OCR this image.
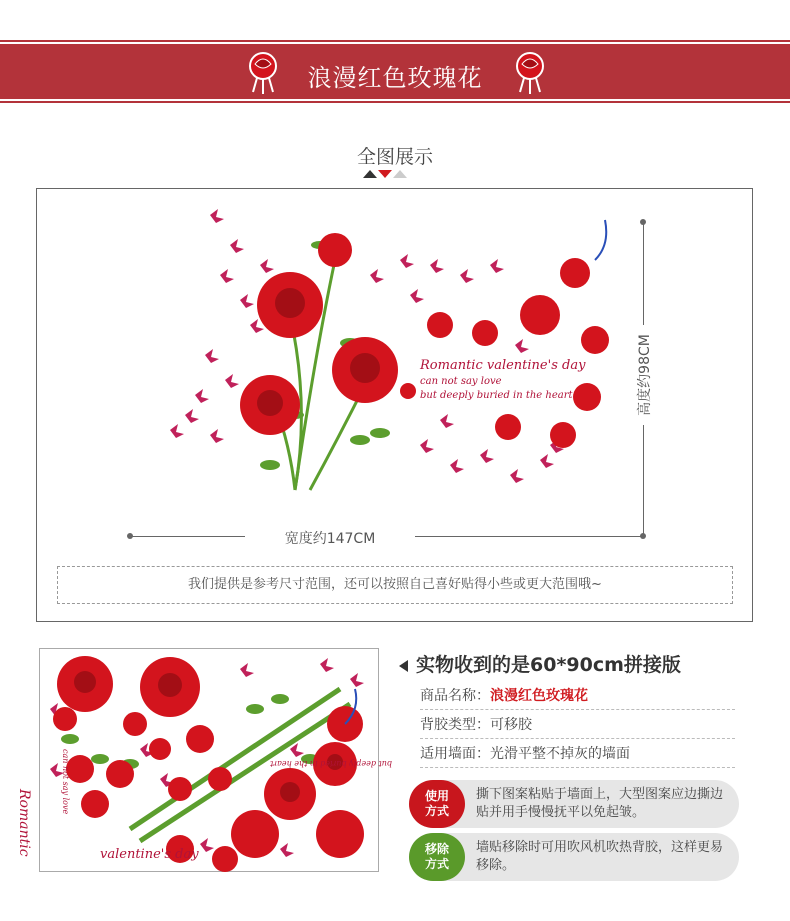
浪漫红色玫瑰花
全图展示
Romantic valentine's day
can not say love
but deeply buried in the heart	高度约98CM
宽度约147CM
我们提供是参考尺寸范围，还可以按照自己喜好贴得小些或更大范围哦~
valentine's day
Romantic
can not say love	but deeply buried in the heart
实物收到的是60*90cm拼接版
商品名称：浪漫红色玫瑰花
背胶类型：可移胶
适用墙面：光滑平整不掉灰的墙面
使用
方式
撕下图案粘贴于墙面上，大型图案应边撕边贴并用手慢慢抚平以免起皱。
移除
方式
墙贴移除时可用吹风机吹热背胶，这样更易移除。
